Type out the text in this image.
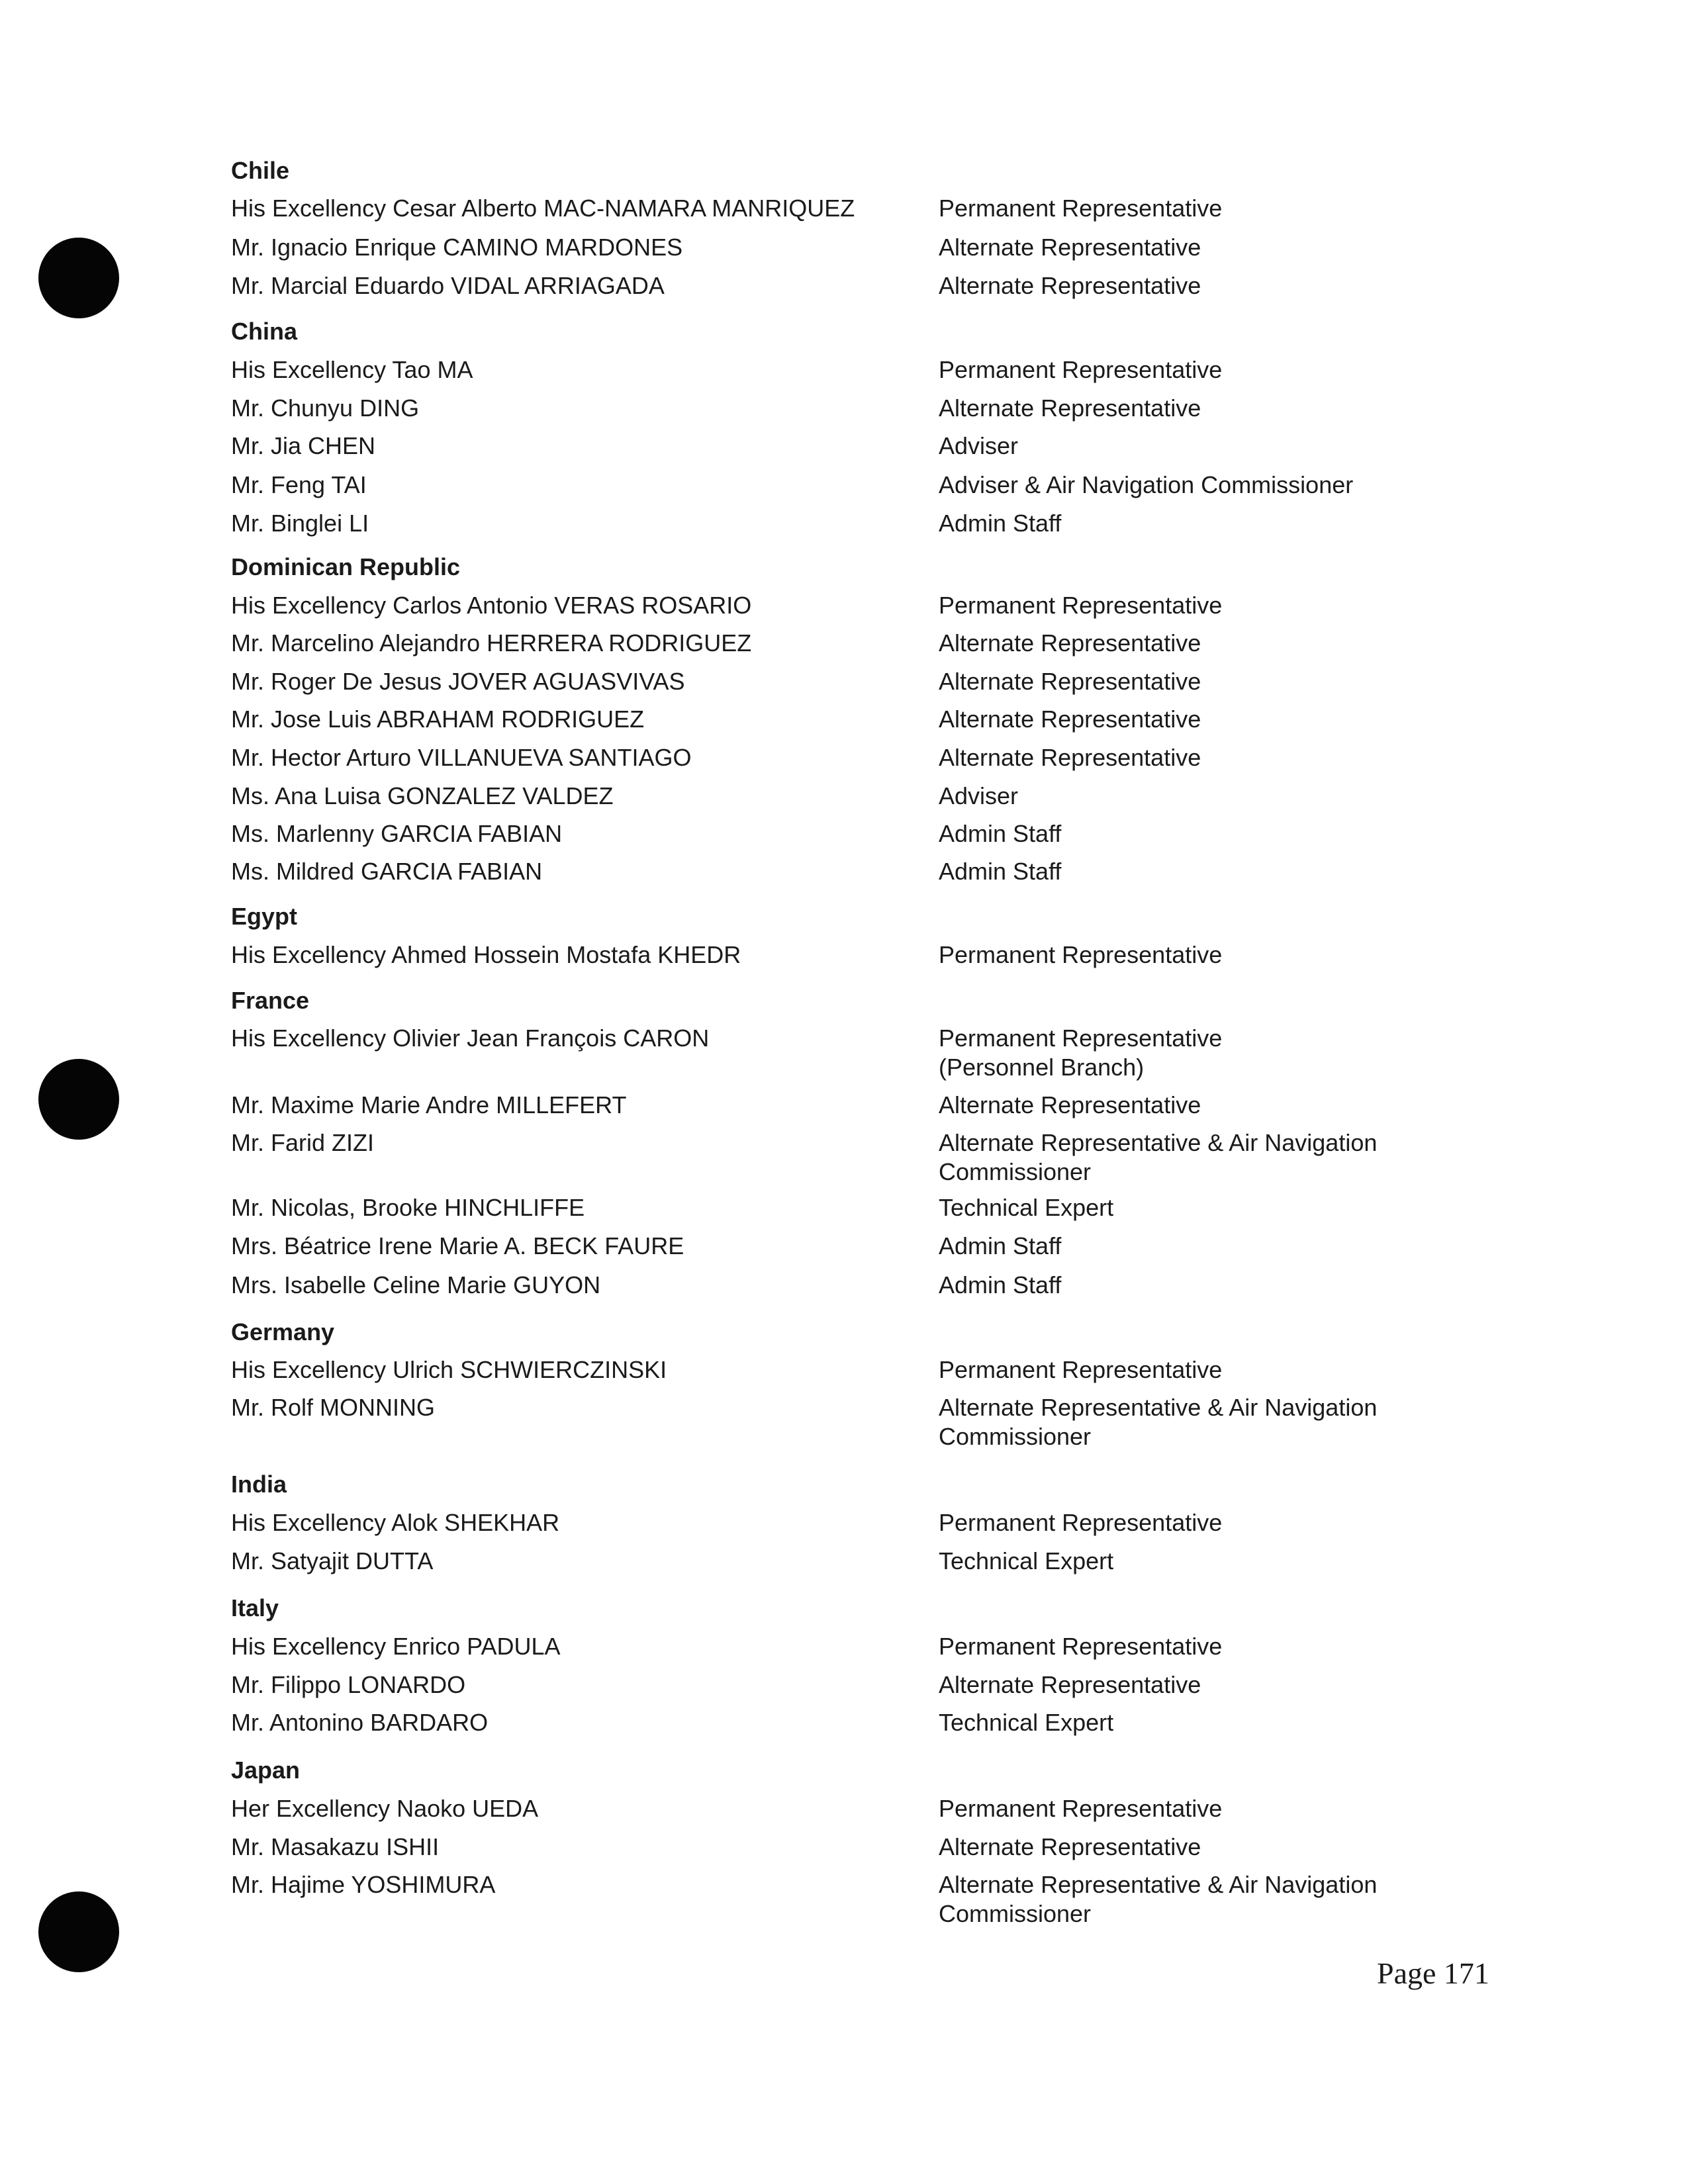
Chile
His Excellency Cesar Alberto MAC-NAMARA MANRIQUEZ	Permanent Representative
Mr. Ignacio Enrique CAMINO MARDONES	Alternate Representative
Mr. Marcial Eduardo VIDAL ARRIAGADA	Alternate Representative
China
His Excellency Tao MA	Permanent Representative
Mr. Chunyu DING	Alternate Representative
Mr. Jia CHEN	Adviser
Mr. Feng TAI	Adviser & Air Navigation Commissioner
Mr. Binglei LI	Admin Staff
Dominican Republic
His Excellency Carlos Antonio VERAS ROSARIO	Permanent Representative
Mr. Marcelino Alejandro HERRERA RODRIGUEZ	Alternate Representative
Mr. Roger De Jesus JOVER AGUASVIVAS	Alternate Representative
Mr. Jose Luis ABRAHAM RODRIGUEZ	Alternate Representative
Mr. Hector Arturo VILLANUEVA SANTIAGO	Alternate Representative
Ms. Ana Luisa GONZALEZ VALDEZ	Adviser
Ms. Marlenny GARCIA FABIAN	Admin Staff
Ms. Mildred GARCIA FABIAN	Admin Staff
Egypt
His Excellency Ahmed Hossein Mostafa KHEDR	Permanent Representative
France
His Excellency Olivier Jean François CARON	Permanent Representative
(Personnel Branch)
Mr. Maxime Marie Andre MILLEFERT	Alternate Representative
Mr. Farid ZIZI	Alternate Representative & Air Navigation
Commissioner
Mr. Nicolas, Brooke HINCHLIFFE	Technical Expert
Mrs. Béatrice Irene Marie A. BECK FAURE	Admin Staff
Mrs. Isabelle Celine Marie GUYON	Admin Staff
Germany
His Excellency Ulrich SCHWIERCZINSKI	Permanent Representative
Mr. Rolf MONNING	Alternate Representative & Air Navigation
Commissioner
India
His Excellency Alok SHEKHAR	Permanent Representative
Mr. Satyajit DUTTA	Technical Expert
Italy
His Excellency Enrico PADULA	Permanent Representative
Mr. Filippo LONARDO	Alternate Representative
Mr. Antonino BARDARO	Technical Expert
Japan
Her Excellency Naoko UEDA	Permanent Representative
Mr. Masakazu ISHII	Alternate Representative
Mr. Hajime YOSHIMURA	Alternate Representative & Air Navigation
Commissioner
Page 171
